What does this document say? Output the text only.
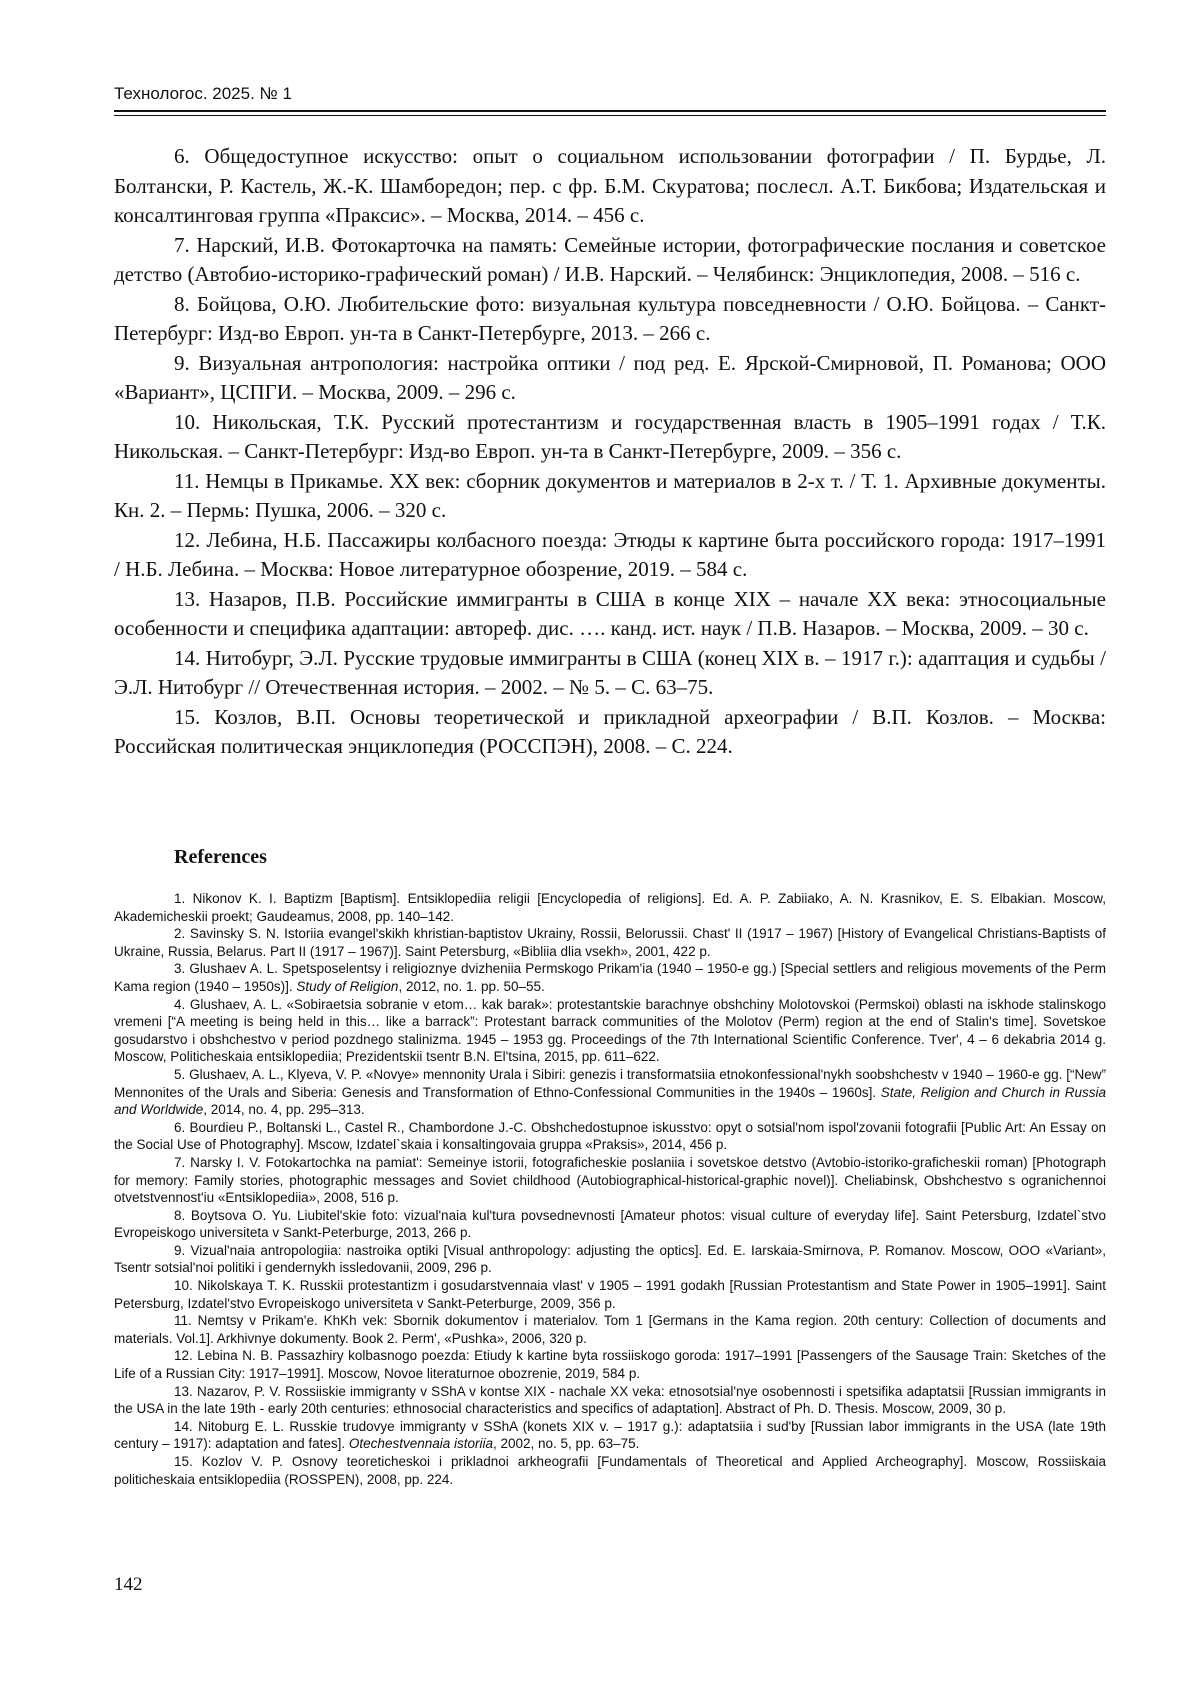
Технологос. 2025. № 1
6. Общедоступное искусство: опыт о социальном использовании фотографии / П. Бурдье, Л. Болтански, Р. Кастель, Ж.-К. Шамборедон; пер. с фр. Б.М. Скуратова; послесл. А.Т. Бикбова; Издательская и консалтинговая группа «Праксис». – Москва, 2014. – 456 с.
7. Нарский, И.В. Фотокарточка на память: Семейные истории, фотографические послания и советское детство (Автобио-историко-графический роман) / И.В. Нарский. – Челябинск: Энциклопедия, 2008. – 516 с.
8. Бойцова, О.Ю. Любительские фото: визуальная культура повседневности / О.Ю. Бойцова. – Санкт-Петербург: Изд-во Европ. ун-та в Санкт-Петербурге, 2013. – 266 с.
9. Визуальная антропология: настройка оптики / под ред. Е. Ярской-Смирновой, П. Романова; ООО «Вариант», ЦСПГИ. – Москва, 2009. – 296 с.
10. Никольская, Т.К. Русский протестантизм и государственная власть в 1905–1991 годах / Т.К. Никольская. – Санкт-Петербург: Изд-во Европ. ун-та в Санкт-Петербурге, 2009. – 356 с.
11. Немцы в Прикамье. XX век: сборник документов и материалов в 2-х т. / Т. 1. Архивные документы. Кн. 2. – Пермь: Пушка, 2006. – 320 с.
12. Лебина, Н.Б. Пассажиры колбасного поезда: Этюды к картине быта российского города: 1917–1991 / Н.Б. Лебина. – Москва: Новое литературное обозрение, 2019. – 584 с.
13. Назаров, П.В. Российские иммигранты в США в конце XIX – начале XX века: этносоциальные особенности и специфика адаптации: автореф. дис. …. канд. ист. наук / П.В. Назаров. – Москва, 2009. – 30 с.
14. Нитобург, Э.Л. Русские трудовые иммигранты в США (конец XIX в. – 1917 г.): адаптация и судьбы / Э.Л. Нитобург // Отечественная история. – 2002. – № 5. – С. 63–75.
15. Козлов, В.П. Основы теоретической и прикладной археографии / В.П. Козлов. – Москва: Российская политическая энциклопедия (РОССПЭН), 2008. – С. 224.
References
1. Nikonov K. I. Baptizm [Baptism]. Entsiklopediia religii [Encyclopedia of religions]. Ed. A. P. Zabiiako, A. N. Krasnikov, E. S. Elbakian. Moscow, Akademicheskii proekt; Gaudeamus, 2008, pp. 140–142.
2. Savinsky S. N. Istoriia evangel'skikh khristian-baptistov Ukrainy, Rossii, Belorussii. Chast' II (1917 – 1967) [History of Evangelical Christians-Baptists of Ukraine, Russia, Belarus. Part II (1917 – 1967)]. Saint Petersburg, «Bibliia dlia vsekh», 2001, 422 p.
3. Glushaev A. L. Spetsposelentsy i religioznye dvizheniia Permskogo Prikam'ia (1940 – 1950-e gg.) [Special settlers and religious movements of the Perm Kama region (1940 – 1950s)]. Study of Religion, 2012, no. 1. pp. 50–55.
4. Glushaev, A. L. «Sobiraetsia sobranie v etom… kak barak»: protestantskie barachnye obshchiny Molotovskoi (Permskoi) oblasti na iskhode stalinskogo vremeni [“A meeting is being held in this… like a barrack”: Protestant barrack communities of the Molotov (Perm) region at the end of Stalin's time]. Sovetskoe gosudarstvo i obshchestvo v period pozdnego stalinizma. 1945 – 1953 gg. Proceedings of the 7th International Scientific Conference. Tver', 4 – 6 dekabria 2014 g. Moscow, Politicheskaia entsiklopediia; Prezidentskii tsentr B.N. El'tsina, 2015, pp. 611–622.
5. Glushaev, A. L., Klyeva, V. P. «Novye» mennonity Urala i Sibiri: genezis i transformatsiia etnokonfessional'nykh soobshchestv v 1940 – 1960-e gg. [“New” Mennonites of the Urals and Siberia: Genesis and Transformation of Ethno-Confessional Communities in the 1940s – 1960s]. State, Religion and Church in Russia and Worldwide, 2014, no. 4, pp. 295–313.
6. Bourdieu P., Boltanski L., Castel R., Chambordone J.-C. Obshchedostupnoe iskusstvo: opyt o sotsial'nom ispol'zovanii fotografii [Public Art: An Essay on the Social Use of Photography]. Mscow, Izdatel`skaia i konsaltingovaia gruppa «Praksis», 2014, 456 p.
7. Narsky I. V. Fotokartochka na pamiat': Semeinye istorii, fotograficheskie poslaniia i sovetskoe detstvo (Avtobio-istoriko-graficheskii roman) [Photograph for memory: Family stories, photographic messages and Soviet childhood (Autobiographical-historical-graphic novel)]. Cheliabinsk, Obshchestvo s ogranichennoi otvetstvennost'iu «Entsiklopediia», 2008, 516 p.
8. Boytsova O. Yu. Liubitel'skie foto: vizual'naia kul'tura povsednevnosti [Amateur photos: visual culture of everyday life]. Saint Petersburg, Izdatel`stvo Evropeiskogo universiteta v Sankt-Peterburge, 2013, 266 p.
9. Vizual'naia antropologiia: nastroika optiki [Visual anthropology: adjusting the optics]. Ed. E. Iarskaia-Smirnova, P. Romanov. Moscow, OOO «Variant», Tsentr sotsial'noi politiki i gendernykh issledovanii, 2009, 296 p.
10. Nikolskaya T. K. Russkii protestantizm i gosudarstvennaia vlast' v 1905 – 1991 godakh [Russian Protestantism and State Power in 1905–1991]. Saint Petersburg, Izdatel'stvo Evropeiskogo universiteta v Sankt-Peterburge, 2009, 356 p.
11. Nemtsy v Prikam'e. KhKh vek: Sbornik dokumentov i materialov. Tom 1 [Germans in the Kama region. 20th century: Collection of documents and materials. Vol.1]. Arkhivnye dokumenty. Book 2. Perm', «Pushka», 2006, 320 p.
12. Lebina N. B. Passazhiry kolbasnogo poezda: Etiudy k kartine byta rossiiskogo goroda: 1917–1991 [Passengers of the Sausage Train: Sketches of the Life of a Russian City: 1917–1991]. Moscow, Novoe literaturnoe obozrenie, 2019, 584 p.
13. Nazarov, P. V. Rossiiskie immigranty v SShA v kontse XIX - nachale XX veka: etnosotsial'nye osobennosti i spetsifika adaptatsii [Russian immigrants in the USA in the late 19th - early 20th centuries: ethnosocial characteristics and specifics of adaptation]. Abstract of Ph. D. Thesis. Moscow, 2009, 30 p.
14. Nitoburg E. L. Russkie trudovye immigranty v SShA (konets XIX v. – 1917 g.): adaptatsiia i sud'by [Russian labor immigrants in the USA (late 19th century – 1917): adaptation and fates]. Otechestvennaia istoriia, 2002, no. 5, pp. 63–75.
15. Kozlov V. P. Osnovy teoreticheskoi i prikladnoi arkheografii [Fundamentals of Theoretical and Applied Archeography]. Moscow, Rossiiskaia politicheskaia entsiklopediia (ROSSPEN), 2008, pp. 224.
142
